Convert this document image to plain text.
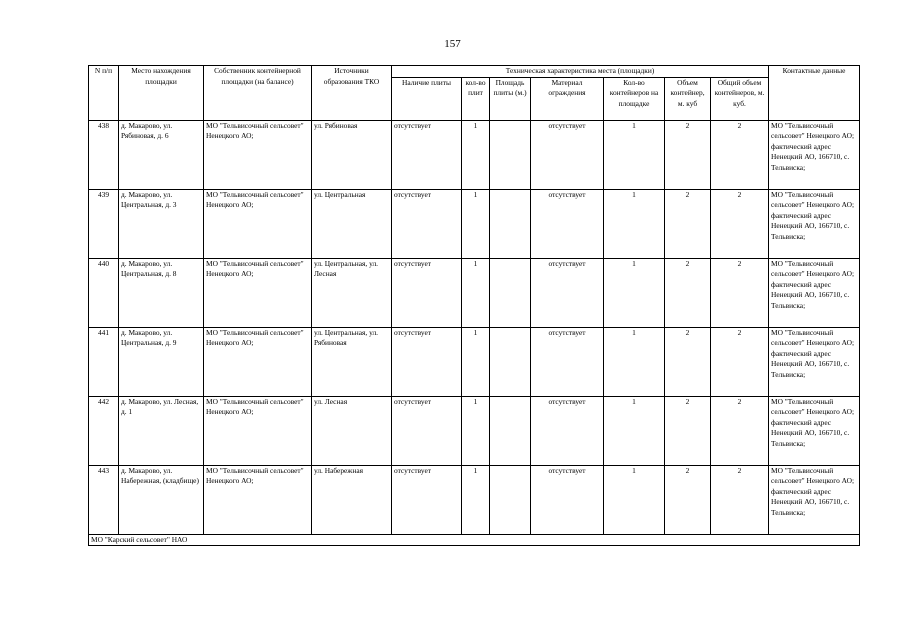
157
N п/п	Место нахождения площадки	Собственник контейнерной площадки (на балансе)	Источники образования ТКО	Техническая характеристика места (площадки)							Контактные данные
				Наличие плиты	кол-во плит	Площадь плиты (м.)	Материал ограждения	Кол-во контейнеров на площадке	Объем контейнер, м. куб	Общий объем контейнеров, м. куб.	
438	д. Макарово, ул. Рябиновая, д. 6	МО "Тельвисочный сельсовет" Ненецкого АО;	ул. Рябиновая	отсутствует	1		отсутствует	1	2	2	МО "Тельвисочный сельсовет" Ненецкого АО; фактический адрес Ненецкий АО, 166710, с. Тельвиска;
439	д. Макарово, ул. Центральная, д. 3	МО "Тельвисочный сельсовет" Ненецкого АО;	ул. Центральная	отсутствует	1		отсутствует	1	2	2	МО "Тельвисочный сельсовет" Ненецкого АО; фактический адрес Ненецкий АО, 166710, с. Тельвиска;
440	д. Макарово, ул. Центральная, д. 8	МО "Тельвисочный сельсовет" Ненецкого АО;	ул. Центральная, ул. Лесная	отсутствует	1		отсутствует	1	2	2	МО "Тельвисочный сельсовет" Ненецкого АО; фактический адрес Ненецкий АО, 166710, с. Тельвиска;
441	д. Макарово, ул. Центральная, д. 9	МО "Тельвисочный сельсовет" Ненецкого АО;	ул. Центральная, ул. Рябиновая	отсутствует	1		отсутствует	1	2	2	МО "Тельвисочный сельсовет" Ненецкого АО; фактический адрес Ненецкий АО, 166710, с. Тельвиска;
442	д. Макарово, ул. Лесная, д. 1	МО "Тельвисочный сельсовет" Ненецкого АО;	ул. Лесная	отсутствует	1		отсутствует	1	2	2	МО "Тельвисочный сельсовет" Ненецкого АО; фактический адрес Ненецкий АО, 166710, с. Тельвиска;
443	д. Макарово, ул. Набережная, (кладбище)	МО "Тельвисочный сельсовет" Ненецкого АО;	ул. Набережная	отсутствует	1		отсутствует	1	2	2	МО "Тельвисочный сельсовет" Ненецкого АО; фактический адрес Ненецкий АО, 166710, с. Тельвиска;
МО "Карский сельсовет" НАО											
